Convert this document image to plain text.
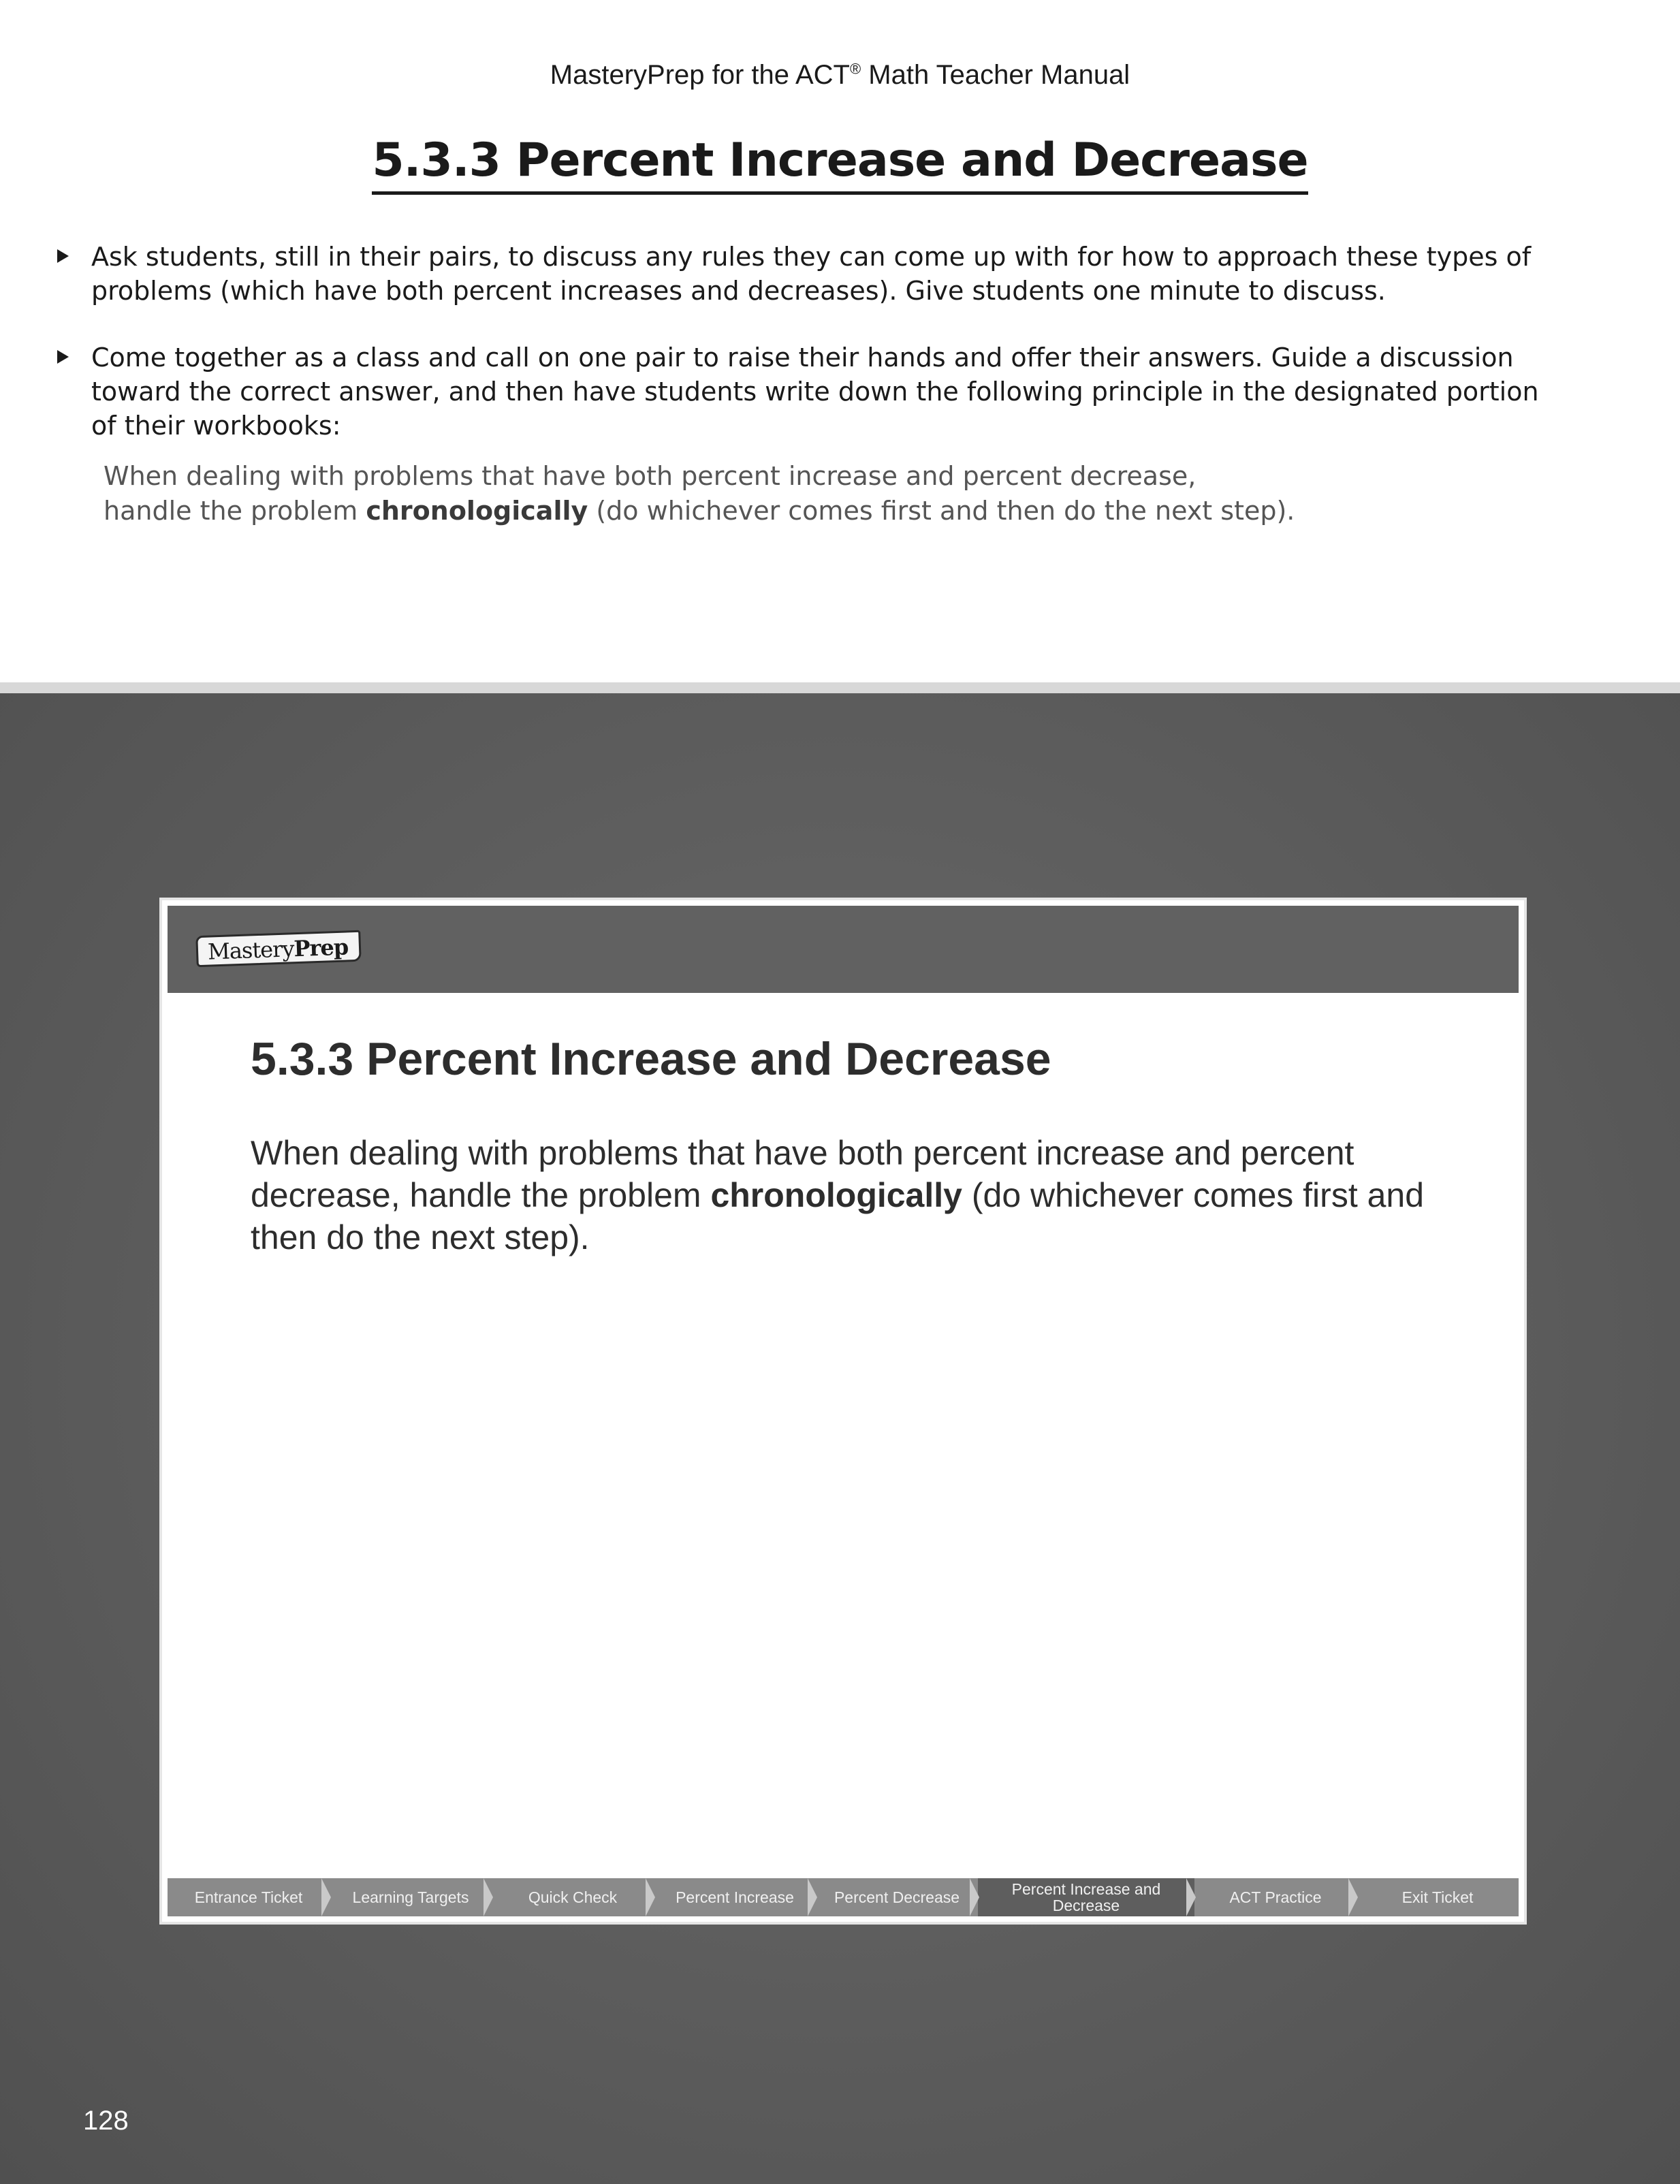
MasteryPrep for the ACT® Math Teacher Manual
5.3.3 Percent Increase and Decrease
Ask students, still in their pairs, to discuss any rules they can come up with for how to approach these types of problems (which have both percent increases and decreases). Give students one minute to discuss.
Come together as a class and call on one pair to raise their hands and offer their answers. Guide a discussion toward the correct answer, and then have students write down the following principle in the designated portion of their workbooks:
When dealing with problems that have both percent increase and percent decrease,
handle the problem chronologically (do whichever comes first and then do the next step).
MasteryPrep
5.3.3 Percent Increase and Decrease
When dealing with problems that have both percent increase and percent decrease, handle the problem chronologically (do whichever comes first and then do the next step).
Entrance Ticket	Learning Targets	Quick Check	Percent Increase	Percent Decrease	Percent Increase and Decrease	ACT Practice	Exit Ticket
128
